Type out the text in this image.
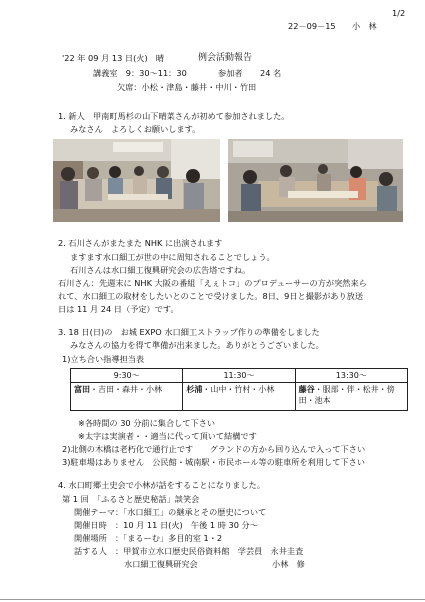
1/2
22－09－15　　小　林
'22 年 09 月 13 日(火)　晴	例会活動報告
講義室　9：30～11：30	参加者 24 名
欠席：小松・津島・藤井・中川・竹田
1. 新人　甲南町馬杉の山下晴菜さんが初めて参加されました。
みなさん　よろしくお願いします。
2. 石川さんがまたまた NHK に出演されます
ますます水口細工が世の中に周知されることでしょう。
石川さんは水口細工復興研究会の広告塔ですね。
石川さん：先週末に NHK 大阪の番組「えぇトコ」のプロデューサーの方が突然来ら
れて、水口細工の取材をしたいとのことで受けました。8日、9日と撮影があり放送
日は 11 月 24 日（予定）です。
3. 18 日(日)の　お城 EXPO 水口細工ストラップ作りの準備をしました
みなさんの協力を得て準備が出来ました。ありがとうございました。
1)立ち合い指導担当表
9:30～	11:30～	13:30～
富田・吉田・森井・小林	杉浦・山中・竹村・小林	藤谷・服部・伴・松井・傍田・池本
※各時間の 30 分前に集合して下さい
※太字は実演者・・適当に代って頂いて結構です
2)北側の木橋は老朽化で通行止です　　グランドの方から回り込んで入って下さい
3)駐車場はありません　公民館・城南駅・市民ホール等の駐車所を利用して下さい
4. 水口町郷土史会で小林が話をすることになりました。
第 1 回　「ふるさと歴史秘話」談笑会
開催テーマ：「水口細工」の継承とその歴史について
開催日時　：10 月 11 日(火)　午後 1 時 30 分～
開催場所　：「まるーむ」多目的室 1・2
話する人　：甲賀市立水口歴史民俗資料館　学芸員　永井圭査
水口細工復興研究会	小林　修
